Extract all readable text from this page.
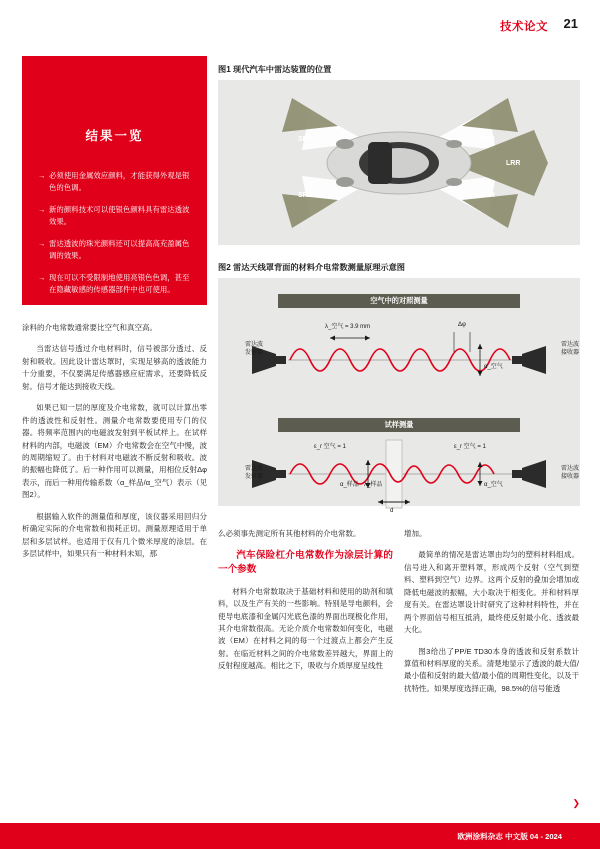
技术论文 21
结果一览
→ 必须使用金属效应颜料，才能获得外观是银色的色调。
→ 新的颜料技术可以使银色颜料具有雷达透波效果。
→ 雷达透波的珠光颜料还可以提高高充盈属色调的效果。
→ 现在可以不受限制地使用亮银色色调，甚至在隐藏敏感的传感器部件中也可使用。
图1 现代汽车中雷达装置的位置
SRR	SRR
SRR	SRR
LRR
图2 雷达天线罩背面的材料介电常数测量原理示意图
空气中的对照测量
雷达波
发射器
雷达波
接收器
λ_空气 = 3.9 mm	Δφ
α_空气
试样测量
雷达波
发射器
雷达波
接收器
ε_r 空气 = 1	ε_r 空气 = 1
α_样品 λ_样品	α_空气
d

涂料的介电常数通常要比空气和真空高。

当雷达信号透过介电材料时，信号被部分透过、反射和吸收。因此设计雷达罩时，实现足够高的透波能力十分重要，不仅要满足传感器感应症需求，还要降低反射。信号才能达到接收天线。

如果已知一层的厚度及介电常数，就可以计算出零件的透波性和反射性。测量介电常数要使用专门的仪器。将频率范围内的电磁波发射到平板试样上。在试样材料的内部，电磁波（EM）介电常数会在空气中慢，波的周期缩短了。由于材料对电磁波不断反射和吸收。波的振幅也降低了。后一种作用可以测量，用相位反射Δφ表示，而后一种用传输系数（α_样品/α_空气）表示（见图2）。

根据输入软件的测量值和厚度，该仪器采用回归分析确定实际的介电常数和损耗正切。测量原理适用于单层和多层试样。也适用于仅有几个微米厚度的涂层。在多层试样中，如果只有一种材料未知，那

么必须事先测定所有其他材料的介电常数。

汽车保险杠介电常数作为涂层计算的一个参数

材料介电常数取决于基础材料和使用的助剂和填料，以及生产有关的一些影响。特别是导电颜料，会使导电底漆和金属闪光底色漆的界面出现极化作用，其介电常数很高。无论介质介电常数如何变化，电磁波（EM）在材料之间的每一个过渡点上都会产生反射。在临近材料之间的介电常数差异越大，界面上的反射程度越高。相比之下，吸收与介质厚度呈线性

增加。

最简单的情况是雷达罩由均匀的塑料材料组成。信号进入和离开塑料罩，形成两个反射（空气到塑料、塑料到空气）边界。这两个反射的叠加会增加或降低电磁波的振幅，大小取决于相变化。并和材料厚度有关。在雷达罩设计时研究了这种材料特性，并在两个界面信号相互抵消，最终使反射最小化、透波最大化。

图3给出了PP/E TD30本身的透波和反射系数计算值和材料厚度的关系。清楚地显示了透波的最大值/最小值和反射的最大值/最小值的周期性变化，以及干扰特性。如果厚度选择正确，98.5%的信号能透

❯
欧洲涂料杂志 中文版 04 - 2024
